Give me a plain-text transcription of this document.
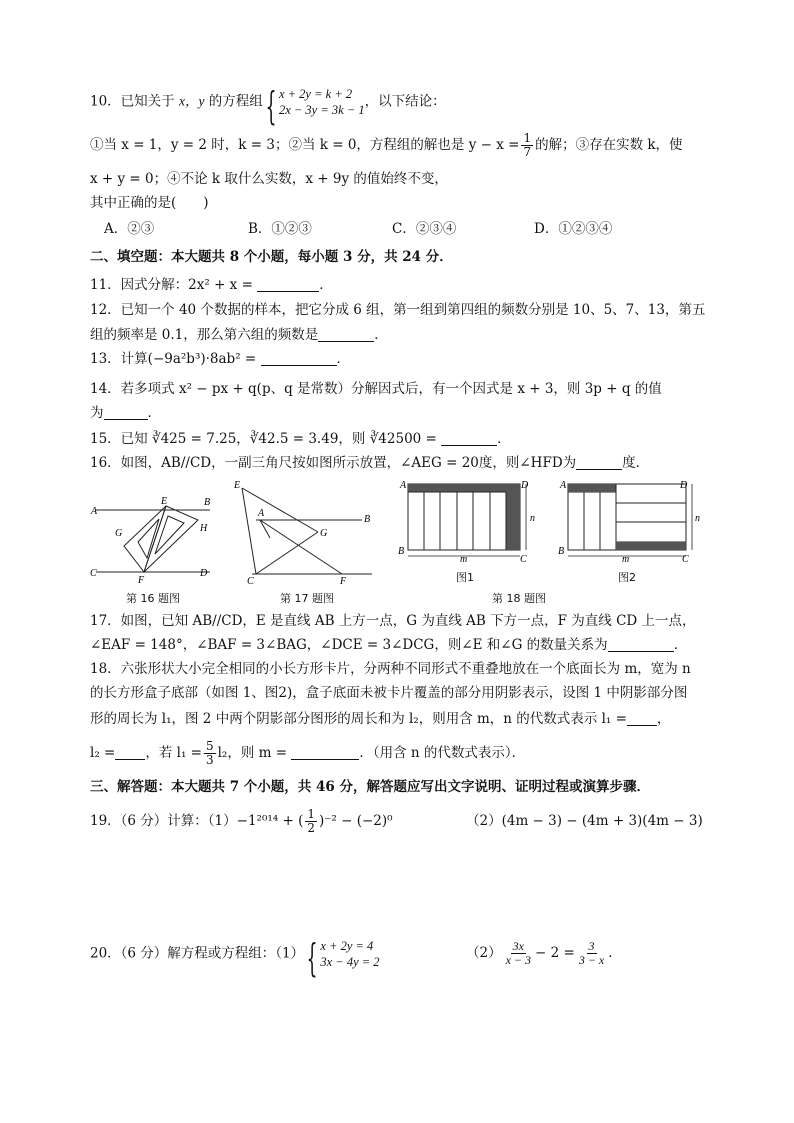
10．已知关于 x，y 的方程组{ x + 2y = k + 2
2x − 3y = 3k − 1，以下结论：
①当 x = 1，y = 2 时，k = 3；②当 k = 0，方程组的解也是 $y - x = \frac{1}{7}$ 的解；③存在实数 k，使
x + y = 0；④不论 k 取什么实数，x + 9y 的值始终不变，
其中正确的是(　　)
A．②③	B．①②③	C．②③④	D．①②③④
二、填空题：本大题共 8 个小题，每小题 3 分，共 24 分．
11．因式分解：2x² + x =	．
12．已知一个 40 个数据的样本，把它分成 6 组，第一组到第四组的频数分别是 10、5、7、13，第五
组的频率是 0.1，那么第六组的频数是	．
13．计算(−9a²b³)·8ab² =	．
14．若多项式 x² − px + q(p、q 是常数）分解因式后，有一个因式是 x + 3，则 3p + q 的值
为	．
15．已知 ∛425 = 7.25，∛42.5 = 3.49，则 ∛42500 =	．
16．如图，AB//CD，一副三角尺按如图所示放置，∠AEG = 20度，则∠HFD为	度．
A
E	B
G	H
C
F
D
第 16 题图
E
A
B
G
C	F
第 17 题图
A	D
n
B
m	C
图1
A	D
n
B
m	C
图2
第 18 题图
17．如图，已知 AB//CD，E 是直线 AB 上方一点，G 为直线 AB 下方一点，F 为直线 CD 上一点，
∠EAF = 148°，∠BAF = 3∠BAG，∠DCE = 3∠DCG，则∠E 和∠G 的数量关系为	．
18．六张形状大小完全相同的小长方形卡片，分两种不同形式不重叠地放在一个底面长为 m，宽为 n
的长方形盒子底部（如图 1、图2)，盒子底面未被卡片覆盖的部分用阴影表示，设图 1 中阴影部分图
形的周长为 l₁，图 2 中两个阴影部分图形的周长和为 l₂，则用含 m，n 的代数式表示 l₁ = ，
l₂ = ，若 $l_1 = \frac{5}{3} l_2$，则 m =	．（用含 n 的代数式表示）．
三、解答题：本大题共 7 个小题，共 46 分，解答题应写出文字说明、证明过程或演算步骤．
19．（6 分）计算：（1）−1²⁰¹⁴ + ( $\frac{1}{2} )^{-2} - (-2)^0$	（2）(4m − 3) − (4m + 3)(4m − 3)
20．（6 分）解方程或方程组：（1）{ x + 2y = 4
3x − 4y = 2
$(2) \frac{3x}{x - 3} - 2 = \frac{3}{3 - x}$ ．
